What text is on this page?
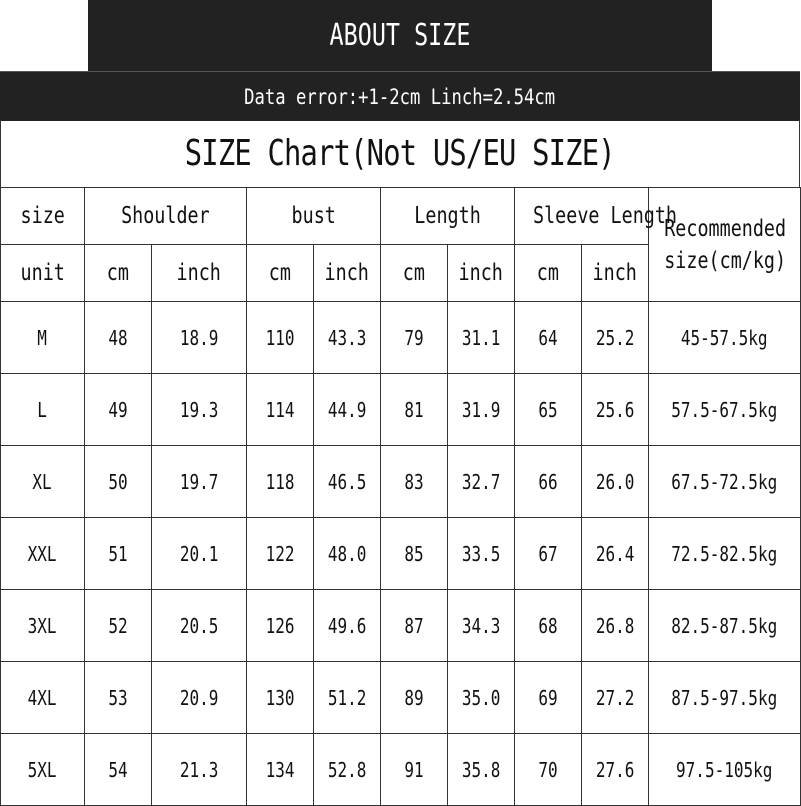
ABOUT SIZE
Data error:+1-2cm Linch=2.54cm
SIZE Chart(Not US/EU SIZE)
size	Shoulder		bust		Length		Sleeve Length		Recommended size(cm/kg)
unit	cm	inch	cm	inch	cm	inch	cm	inch	
M	48	18.9	110	43.3	79	31.1	64	25.2	45-57.5kg
L	49	19.3	114	44.9	81	31.9	65	25.6	57.5-67.5kg
XL	50	19.7	118	46.5	83	32.7	66	26.0	67.5-72.5kg
XXL	51	20.1	122	48.0	85	33.5	67	26.4	72.5-82.5kg
3XL	52	20.5	126	49.6	87	34.3	68	26.8	82.5-87.5kg
4XL	53	20.9	130	51.2	89	35.0	69	27.2	87.5-97.5kg
5XL	54	21.3	134	52.8	91	35.8	70	27.6	97.5-105kg
